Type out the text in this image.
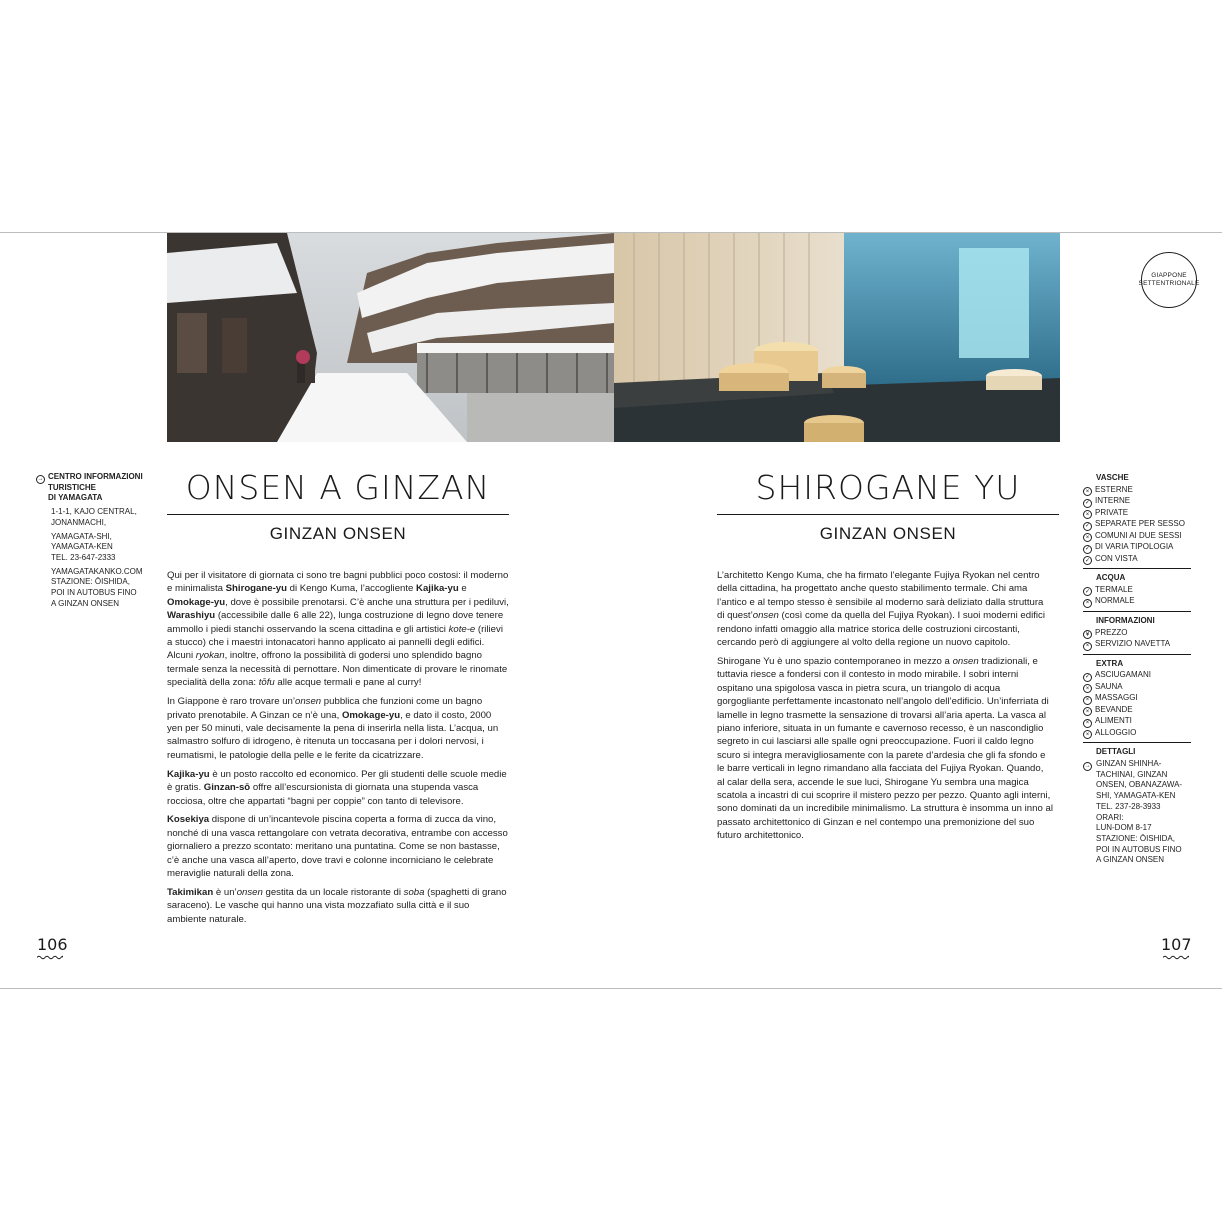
GIAPPONE
SETTENTRIONALE
→ CENTRO INFORMAZIONI
TURISTICHE
DI YAMAGATA
1-1-1, KAJO CENTRAL,
JONANMACHI,
YAMAGATA-SHI,
YAMAGATA-KEN
TEL. 23-647-2333
YAMAGATAKANKO.COM
STAZIONE: ŌISHIDA,
POI IN AUTOBUS FINO
A GINZAN ONSEN
ONSEN A GINZAN
GINZAN ONSEN
SHIROGANE YU
GINZAN ONSEN

Qui per il visitatore di giornata ci sono tre bagni pubblici poco costosi: il moderno e minimalista Shirogane-yu di Kengo Kuma, l’accogliente Kajika-yu e Omokage-yu, dove è possibile prenotarsi. C’è anche una struttura per i pediluvi, Warashiyu (accessibile dalle 6 alle 22), lunga costruzione di legno dove tenere ammollo i piedi stanchi osservando la scena cittadina e gli artistici kote-e (rilievi a stucco) che i maestri intonacatori hanno applicato ai pannelli degli edifici. Alcuni ryokan, inoltre, offrono la possibilità di godersi uno splendido bagno termale senza la necessità di pernottare. Non dimenticate di provare le rinomate specialità della zona: tōfu alle acque termali e pane al curry!

In Giappone è raro trovare un’onsen pubblica che funzioni come un bagno privato prenotabile. A Ginzan ce n’è una, Omokage-yu, e dato il costo, 2000 yen per 50 minuti, vale decisamente la pena di inserirla nella lista. L’acqua, un salmastro solfuro di idrogeno, è ritenuta un toccasana per i dolori nervosi, i reumatismi, le patologie della pelle e le ferite da cicatrizzare.

Kajika-yu è un posto raccolto ed economico. Per gli studenti delle scuole medie è gratis. Ginzan-sō offre all’escursionista di giornata una stupenda vasca rocciosa, oltre che appartati “bagni per coppie” con tanto di televisore.

Kosekiya dispone di un’incantevole piscina coperta a forma di zucca da vino, nonché di una vasca rettangolare con vetrata decorativa, entrambe con accesso giornaliero a prezzo scontato: meritano una puntatina. Come se non bastasse, c’è anche una vasca all’aperto, dove travi e colonne incorniciano le celebrate meraviglie naturali della zona.

Takimikan è un’onsen gestita da un locale ristorante di soba (spaghetti di grano saraceno). Le vasche qui hanno una vista mozzafiato sulla città e il suo ambiente naturale.

L’architetto Kengo Kuma, che ha firmato l’elegante Fujiya Ryokan nel centro della cittadina, ha progettato anche questo stabilimento termale. Chi ama l’antico e al tempo stesso è sensibile al moderno sarà deliziato dalla struttura di quest’onsen (così come da quella del Fujiya Ryokan). I suoi moderni edifici rendono infatti omaggio alla matrice storica delle costruzioni circostanti, cercando però di aggiungere al volto della regione un nuovo capitolo.

Shirogane Yu è uno spazio contemporaneo in mezzo a onsen tradizionali, e tuttavia riesce a fondersi con il contesto in modo mirabile. I sobri interni ospitano una spigolosa vasca in pietra scura, un triangolo di acqua gorgogliante perfettamente incastonato nell’angolo dell’edificio. Un’inferriata di lamelle in legno trasmette la sensazione di trovarsi all’aria aperta. La vasca al piano inferiore, situata in un fumante e cavernoso recesso, è un nascondiglio segreto in cui lasciarsi alle spalle ogni preoccupazione. Fuori il caldo legno scuro si integra meravigliosamente con la parete d’ardesia che gli fa sfondo e le barre verticali in legno rimandano alla facciata del Fujiya Ryokan. Quando, al calar della sera, accende le sue luci, Shirogane Yu sembra una magica scatola a incastri di cui scoprire il mistero pezzo per pezzo. Quanto agli interni, sono dominati da un incredibile minimalismo. La struttura è insomma un inno al passato architettonico di Ginzan e nel contempo una premonizione del suo futuro architettonico.

VASCHE
× ESTERNE
✓ INTERNE
× PRIVATE
✓ SEPARATE PER SESSO
× COMUNI AI DUE SESSI
✓ DI VARIA TIPOLOGIA
✓ CON VISTA
ACQUA
✓ TERMALE
× NORMALE
INFORMAZIONI
¥ PREZZO
× SERVIZIO NAVETTA
EXTRA
✓ ASCIUGAMANI
× SAUNA
× MASSAGGI
× BEVANDE
× ALIMENTI
× ALLOGGIO
DETTAGLI
→ GINZAN SHINHA-
TACHINAI, GINZAN
ONSEN, OBANAZAWA-
SHI, YAMAGATA-KEN
TEL. 237-28-3933
ORARI:
LUN-DOM 8-17
STAZIONE: ŌISHIDA,
POI IN AUTOBUS FINO
A GINZAN ONSEN
106	107
